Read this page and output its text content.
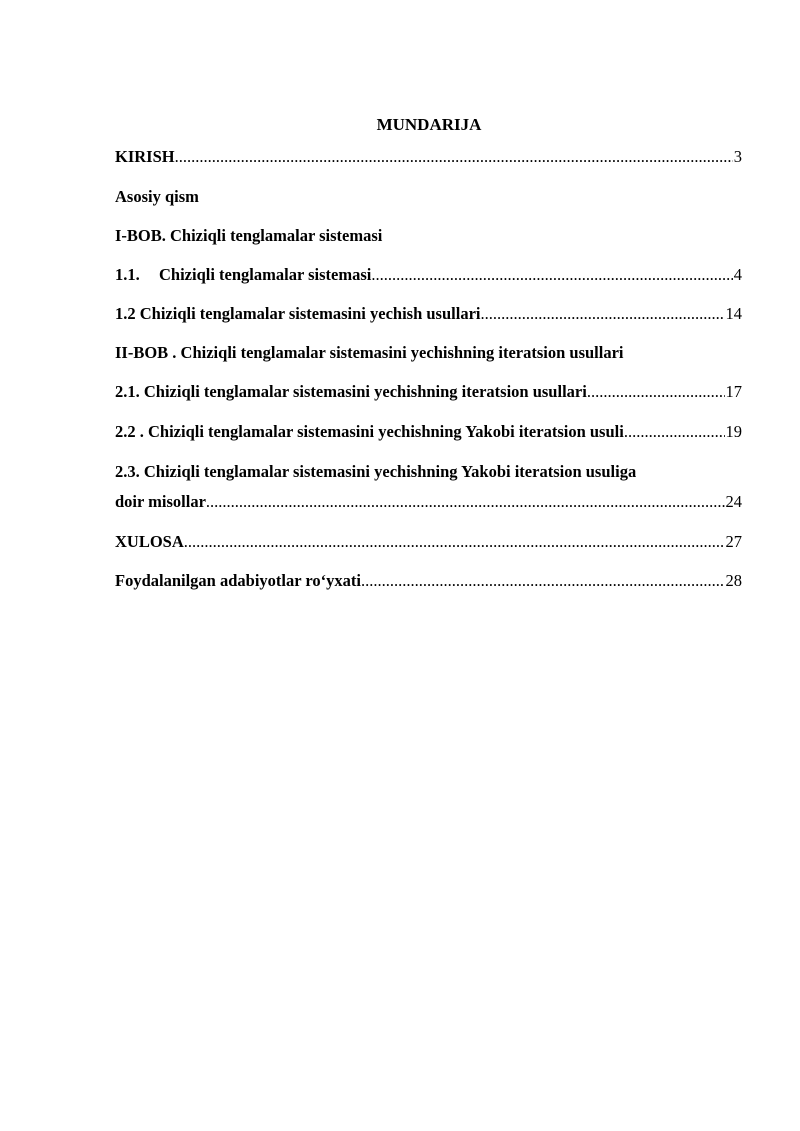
MUNDARIJA
KIRISH .....	3
Asosiy qism
I-BOB. Chiziqli tenglamalar sistemasi
1.1. Chiziqli tenglamalar sistemasi .....	4
1.2 Chiziqli tenglamalar sistemasini yechish usullari .....	14
II-BOB . Chiziqli tenglamalar sistemasini yechishning iteratsion usullari
2.1. Chiziqli tenglamalar sistemasini yechishning iteratsion usullari .....	17
2.2 . Chiziqli tenglamalar sistemasini yechishning Yakobi iteratsion usuli .....	19
2.3. Chiziqli tenglamalar sistemasini yechishning Yakobi iteratsion usuliga
doir misollar .....	24
XULOSA .....	27
Foydalanilgan adabiyotlar ro‘yxati .....	28
